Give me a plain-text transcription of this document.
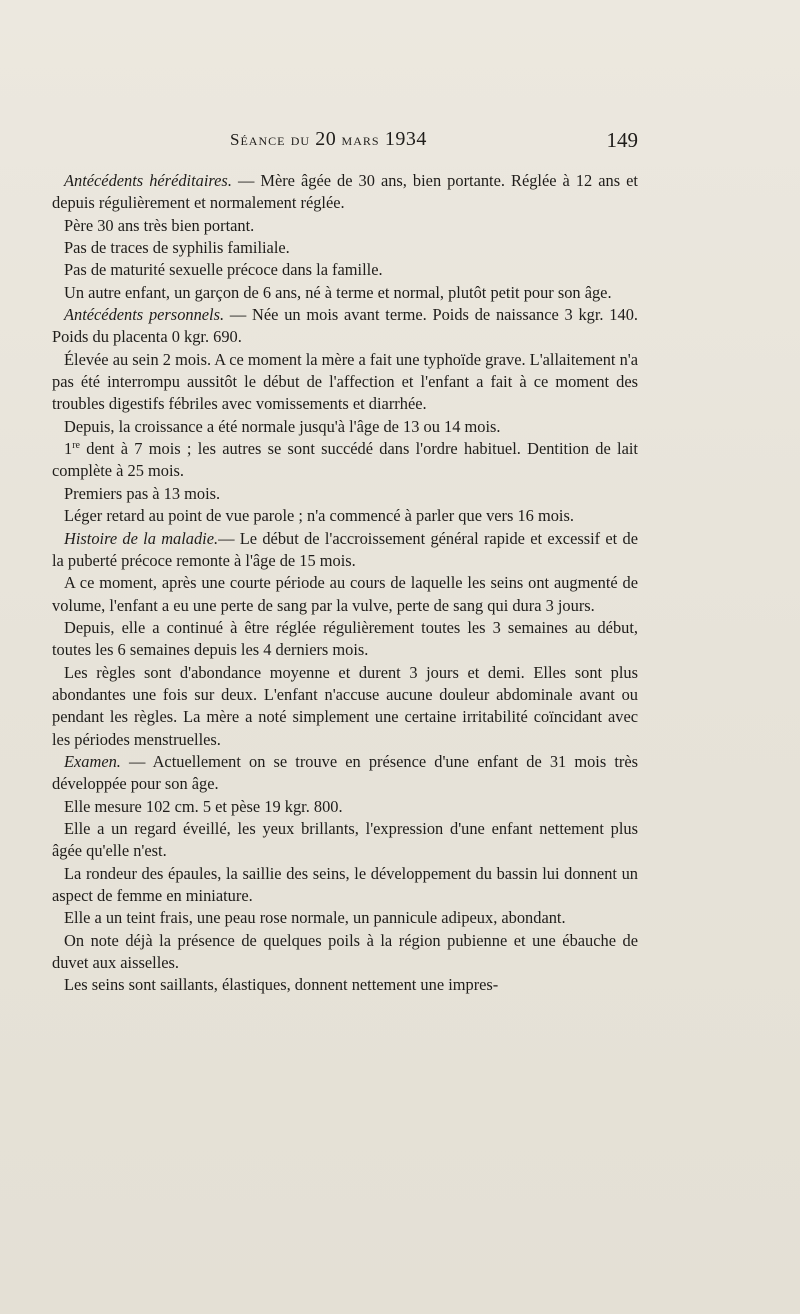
Séance du 20 mars 1934	149

Antécédents héréditaires. — Mère âgée de 30 ans, bien portante. Réglée à 12 ans et depuis régulièrement et normalement réglée.

Père 30 ans très bien portant.

Pas de traces de syphilis familiale.

Pas de maturité sexuelle précoce dans la famille.

Un autre enfant, un garçon de 6 ans, né à terme et normal, plutôt petit pour son âge.

Antécédents personnels. — Née un mois avant terme. Poids de naissance 3 kgr. 140. Poids du placenta 0 kgr. 690.

Élevée au sein 2 mois. A ce moment la mère a fait une typhoïde grave. L'allaitement n'a pas été interrompu aussitôt le début de l'affection et l'enfant a fait à ce moment des troubles digestifs fébriles avec vomissements et diarrhée.

Depuis, la croissance a été normale jusqu'à l'âge de 13 ou 14 mois.

1re dent à 7 mois ; les autres se sont succédé dans l'ordre habituel. Dentition de lait complète à 25 mois.

Premiers pas à 13 mois.

Léger retard au point de vue parole ; n'a commencé à parler que vers 16 mois.

Histoire de la maladie.— Le début de l'accroissement général rapide et excessif et de la puberté précoce remonte à l'âge de 15 mois.

A ce moment, après une courte période au cours de laquelle les seins ont augmenté de volume, l'enfant a eu une perte de sang par la vulve, perte de sang qui dura 3 jours.

Depuis, elle a continué à être réglée régulièrement toutes les 3 semaines au début, toutes les 6 semaines depuis les 4 derniers mois.

Les règles sont d'abondance moyenne et durent 3 jours et demi. Elles sont plus abondantes une fois sur deux. L'enfant n'accuse aucune douleur abdominale avant ou pendant les règles. La mère a noté simplement une certaine irritabilité coïncidant avec les périodes menstruelles.

Examen. — Actuellement on se trouve en présence d'une enfant de 31 mois très développée pour son âge.

Elle mesure 102 cm. 5 et pèse 19 kgr. 800.

Elle a un regard éveillé, les yeux brillants, l'expression d'une enfant nettement plus âgée qu'elle n'est.

La rondeur des épaules, la saillie des seins, le développement du bassin lui donnent un aspect de femme en miniature.

Elle a un teint frais, une peau rose normale, un pannicule adipeux, abondant.

On note déjà la présence de quelques poils à la région pubienne et une ébauche de duvet aux aisselles.

Les seins sont saillants, élastiques, donnent nettement une impres-
